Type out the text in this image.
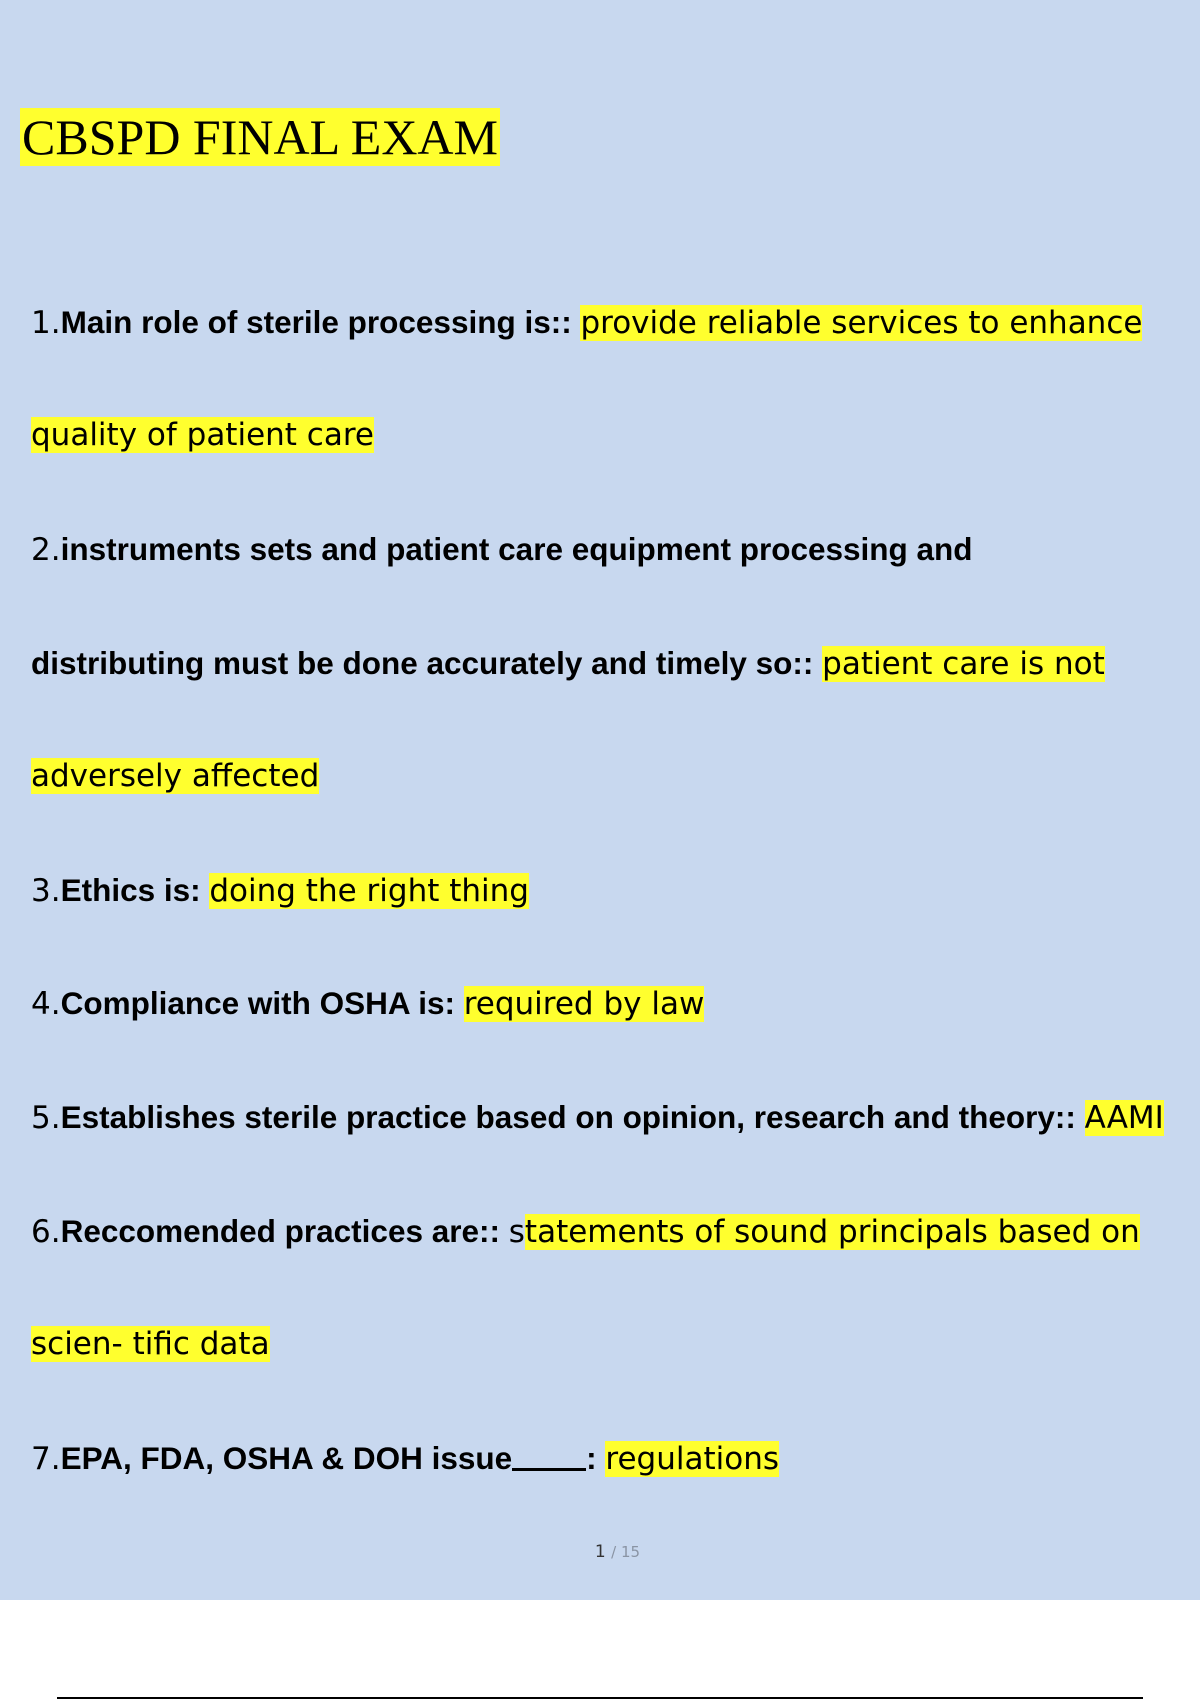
CBSPD FINAL EXAM
1.Main role of sterile processing is:: provide reliable services to enhance
quality of patient care
2.instruments sets and patient care equipment processing and
distributing must be done accurately and timely so:: patient care is not
adversely affected
3.Ethics is: doing the right thing
4.Compliance with OSHA is: required by law
5.Establishes sterile practice based on opinion, research and theory:: AAMI
6.Reccomended practices are:: statements of sound principals based on
scien- tific data
7.EPA, FDA, OSHA & DOH issue : regulations
1 / 15
